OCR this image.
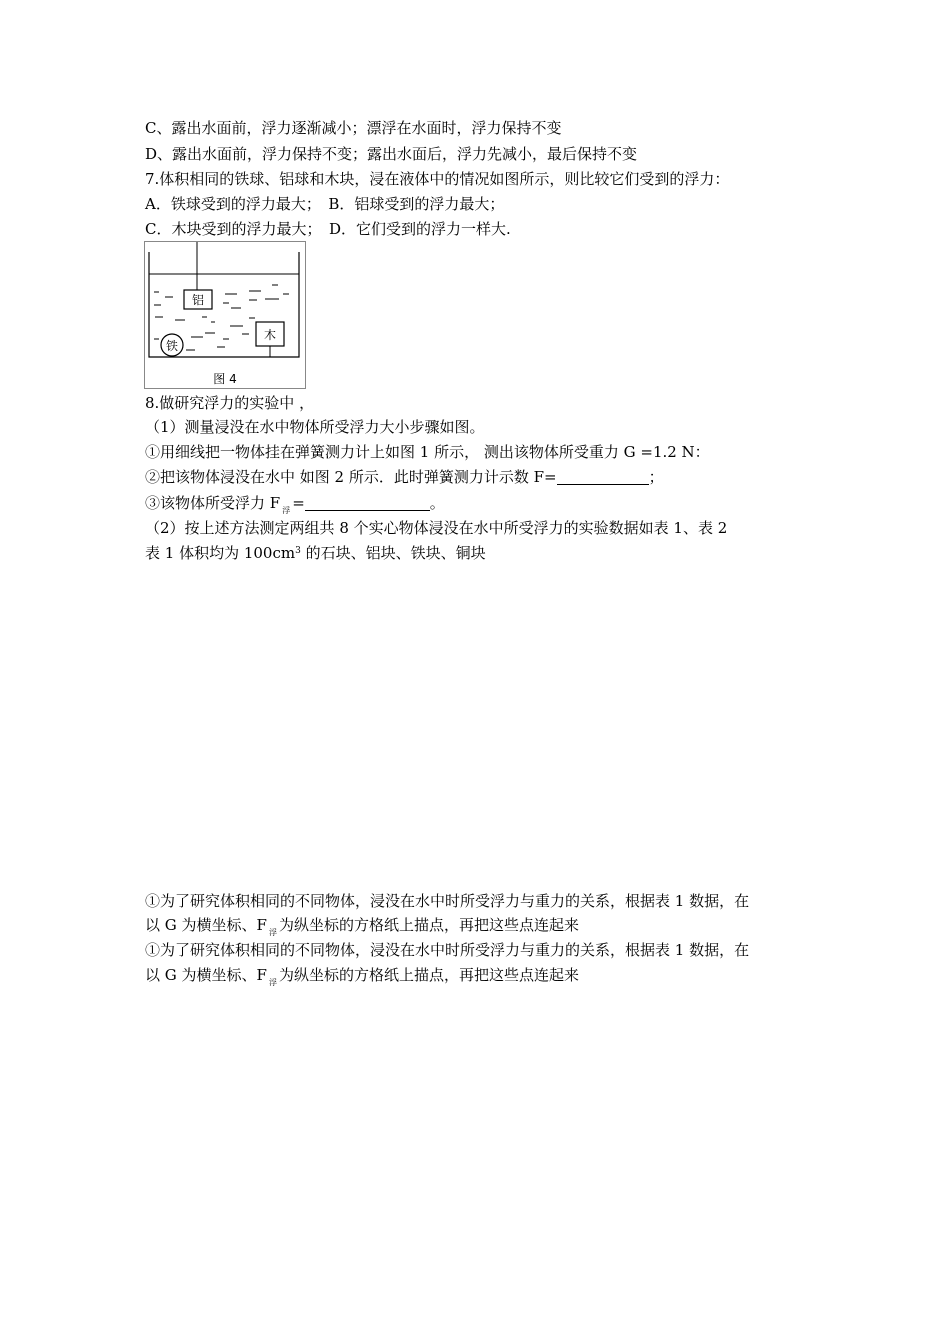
C、露出水面前，浮力逐渐减小；漂浮在水面时，浮力保持不变
D、露出水面前，浮力保持不变；露出水面后，浮力先减小，最后保持不变
7.体积相同的铁球、铝球和木块，浸在液体中的情况如图所示，则比较它们受到的浮力：
A．铁球受到的浮力最大；　B．铝球受到的浮力最大；
C．木块受到的浮力最大；　D．它们受到的浮力一样大.
铝
木
铁
图 4
8.做研究浮力的实验中 ，
（1）测量浸没在水中物体所受浮力大小步骤如图。
①用细线把一物体挂在弹簧测力计上如图 1 所示， 测出该物体所受重力 G =1.2 N：
②把该物体浸没在水中 如图 2 所示．此时弹簧测力计示数 F=	；
③该物体所受浮力 F $_浮$ =	。
（2）按上述方法测定两组共 8 个实心物体浸没在水中所受浮力的实验数据如表 1、表 2
表 1 体积均为 $100cm^3$ 的石块、铝块、铁块、铜块
①为了研究体积相同的不同物体，浸没在水中时所受浮力与重力的关系，根据表 1 数据，在
以 G 为横坐标、F $_浮$ 为纵坐标的方格纸上描点，再把这些点连起来
①为了研究体积相同的不同物体，浸没在水中时所受浮力与重力的关系，根据表 1 数据，在
以 G 为横坐标、F $_浮$ 为纵坐标的方格纸上描点，再把这些点连起来
